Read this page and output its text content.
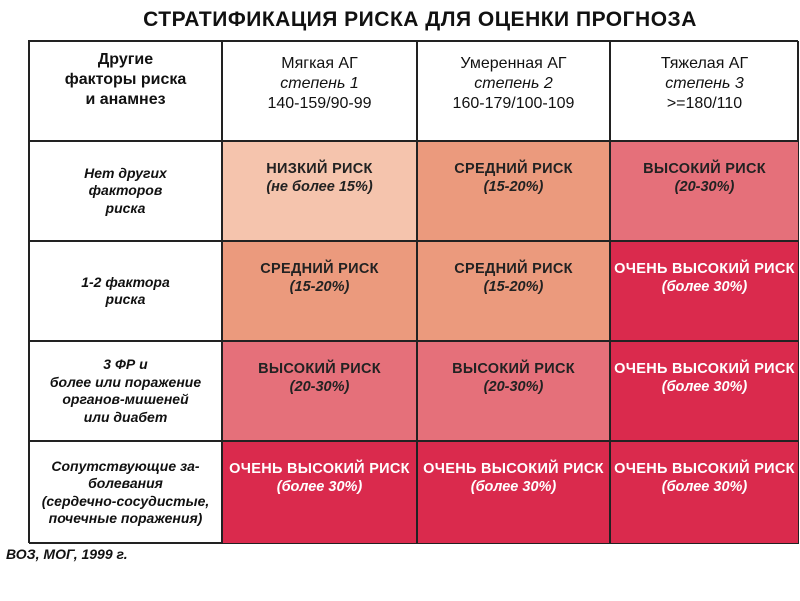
СТРАТИФИКАЦИЯ РИСКА ДЛЯ ОЦЕНКИ ПРОГНОЗА
Другие
факторы риска
и анамнез
Мягкая АГ
степень 1
140-159/90-99
Умеренная АГ
степень 2
160-179/100-109
Тяжелая АГ
степень 3
>=180/110
Нет других
факторов
риска
НИЗКИЙ РИСК
(не более 15%)
СРЕДНИЙ РИСК
(15-20%)
ВЫСОКИЙ РИСК
(20-30%)
1-2 фактора
риска
СРЕДНИЙ РИСК
(15-20%)
СРЕДНИЙ РИСК
(15-20%)
ОЧЕНЬ ВЫСОКИЙ РИСК
(более 30%)
3 ФР и
более или поражение
органов-мишеней
или диабет
ВЫСОКИЙ РИСК
(20-30%)
ВЫСОКИЙ РИСК
(20-30%)
ОЧЕНЬ ВЫСОКИЙ РИСК
(более 30%)
Сопутствующие за-
болевания
(сердечно-сосудистые,
почечные поражения)
ОЧЕНЬ ВЫСОКИЙ РИСК
(более 30%)
ОЧЕНЬ ВЫСОКИЙ РИСК
(более 30%)
ОЧЕНЬ ВЫСОКИЙ РИСК
(более 30%)
ВОЗ, МОГ, 1999 г.
